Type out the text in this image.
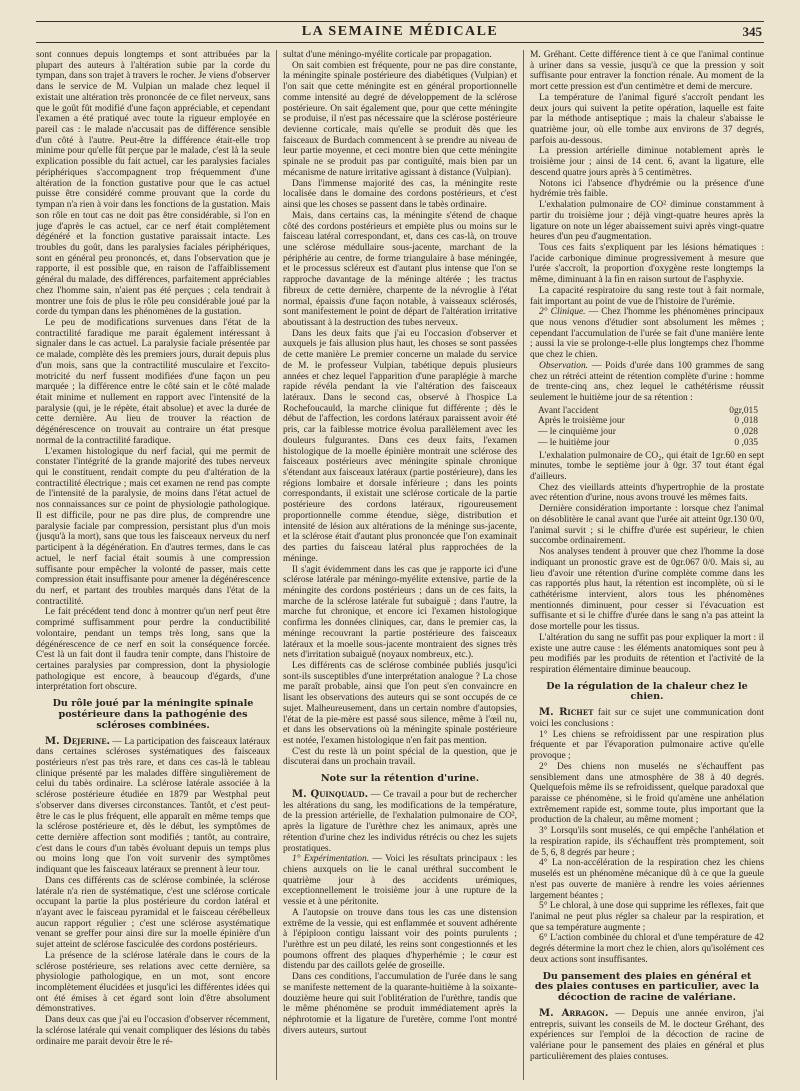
LA SEMAINE MÉDICALE	345

sont connues depuis longtemps et sont attribuées par la plupart des auteurs à l'altération subie par la corde du tympan, dans son trajet à travers le rocher. Je viens d'observer dans le service de M. Vulpian un malade chez lequel il existait une altération très prononcée de ce filet nerveux, sans que le goût fût modifié d'une façon appréciable, et cependant l'examen a été pratiqué avec toute la rigueur employée en pareil cas : le malade n'accusait pas de différence sensible d'un côté à l'autre. Peut-être la différence était-elle trop minime pour qu'elle fût perçue par le malade, c'est là la seule explication possible du fait actuel, car les paralysies faciales périphériques s'accompagnent trop fréquemment d'une altération de la fonction gustative pour que le cas actuel puisse être considéré comme prouvant que la corde du tympan n'a rien à voir dans les fonctions de la gustation. Mais son rôle en tout cas ne doit pas être considérable, si l'on en juge d'après le cas actuel, car ce nerf était complètement dégénéré et la fonction gustative paraissait intacte. Les troubles du goût, dans les paralysies faciales périphériques, sont en général peu prononcés, et, dans l'observation que je rapporte, il est possible que, en raison de l'affaiblissement général du malade, des différences, parfaitement appréciables chez l'homme sain, n'aient pas été perçues ; cela tendrait à montrer une fois de plus le rôle peu considérable joué par la corde du tympan dans les phénomènes de la gustation.

Le peu de modifications survenues dans l'état de la contractilité faradique me parait également intéressant à signaler dans le cas actuel. La paralysie faciale présentée par ce malade, complète dès les premiers jours, durait depuis plus d'un mois, sans que la contractilité musculaire et l'excito-motricité du nerf fussent modifiées d'une façon un peu marquée ; la différence entre le côté sain et le côté malade était minime et nullement en rapport avec l'intensité de la paralysie (qui, je le répète, était absolue) et avec la durée de cette dernière. Au lieu de trouver la réaction de dégénérescence on trouvait au contraire un état presque normal de la contractilité faradique.

L'examen histologique du nerf facial, qui me permit de constater l'intégrité de la grande majorité des tubes nerveux qui le constituent, rendait compte du peu d'altération de la contractilité électrique ; mais cet examen ne rend pas compte de l'intensité de la paralysie, de moins dans l'état actuel de nos connaissances sur ce point de physiologie pathologique. Il est difficile, pour ne pas dire plus, de comprendre une paralysie faciale par compression, persistant plus d'un mois (jusqu'à la mort), sans que tous les faisceaux nerveux du nerf participent à la dégénération. En d'autres termes, dans le cas actuel, le nerf facial était soumis à une compression suffisante pour empêcher la volonté de passer, mais cette compression était insuffisante pour amener la dégénérescence du nerf, et partant des troubles marqués dans l'état de la contractilité.

Le fait précédent tend donc à montrer qu'un nerf peut être comprimé suffisamment pour perdre la conductibilité volontaire, pendant un temps très long, sans que la dégénérescence de ce nerf en soit la conséquence forcée. C'est là un fait dont il faudra tenir compte, dans l'histoire de certaines paralysies par compression, dont la physiologie pathologique est encore, à beaucoup d'égards, d'une interprétation fort obscure.

Du rôle joué par la méningite spinale postérieure dans la pathogénie des scléroses combinées.

M. Dejerine. — La participation des faisceaux latéraux dans certaines scléroses systématiques des faisceaux postérieurs n'est pas très rare, et dans ces cas-là le tableau clinique présenté par les malades diffère singulièrement de celui du tabès ordinaire. La sclérose latérale associée à la sclérose postérieure étudiée en 1879 par Westphal peut s'observer dans diverses circonstances. Tantôt, et c'est peut-être le cas le plus fréquent, elle apparaît en même temps que la sclérose postérieure et, dès le début, les symptômes de cette dernière affection sont modifiés ; tantôt, au contraire, c'est dans le cours d'un tabès évoluant depuis un temps plus ou moins long que l'on voit survenir des symptômes indiquant que les faisceaux latéraux se prennent à leur tour.

Dans ces différents cas de sclérose combinée, la sclérose latérale n'a rien de systématique, c'est une sclérose corticale occupant la partie la plus postérieure du cordon latéral et n'ayant avec le faisceau pyramidal et le faisceau cérébelleux aucun rapport régulier ; c'est une sclérose asystématique venant se greffer pour ainsi dire sur la moelle épinière d'un sujet atteint de sclérose fasciculée des cordons postérieurs.

La présence de la sclérose latérale dans le cours de la sclérose postérieure, ses relations avec cette dernière, sa physiologie pathologique, en un mot, sont encore incomplètement élucidées et jusqu'ici les différentes idées qui ont été émises à cet égard sont loin d'être absolument démonstratives.

Dans deux cas que j'ai eu l'occasion d'observer récemment, la sclérose latérale qui venait compliquer des lésions du tabès ordinaire me parait devoir être le ré-

sultat d'une méningo-myélite corticale par propagation.

On sait combien est fréquente, pour ne pas dire constante, la méningite spinale postérieure des diabétiques (Vulpian) et l'on sait que cette méningite est en général proportionnelle comme intensité au degré de développement de la sclérose postérieure. On sait également que, pour que cette méningite se produise, il n'est pas nécessaire que la sclérose postérieure devienne corticale, mais qu'elle se produit dès que les faisceaux de Burdach commencent à se prendre au niveau de leur partie moyenne, et ceci montre bien que cette méningite spinale ne se produit pas par contiguïté, mais bien par un mécanisme de nature irritative agissant à distance (Vulpian).

Dans l'immense majorité des cas, la méningite reste localisée dans le domaine des cordons postérieurs, et c'est ainsi que les choses se passent dans le tabès ordinaire.

Mais, dans certains cas, la méningite s'étend de chaque côté des cordons postérieurs et empiète plus ou moins sur le faisceau latéral correspondant, et, dans ces cas-là, on trouve une sclérose médullaire sous-jacente, marchant de la périphérie au centre, de forme triangulaire à base méningée, et le processus scléreux est d'autant plus intense que l'on se rapproche davantage de la méninge altérée ; les tractus fibreux de cette dernière, charpente de la névroglie à l'état normal, épaissis d'une façon notable, à vaisseaux sclérosés, sont manifestement le point de départ de l'altération irritative aboutissant à la destruction des tubes nerveux.

Dans les deux faits que j'ai eu l'occasion d'observer et auxquels je fais allusion plus haut, les choses se sont passées de cette manière Le premier concerne un malade du service de M. le professeur Vulpian, tabétique depuis plusieurs années et chez lequel l'apparition d'une paraplégie à marche rapide révéla pendant la vie l'altération des faisceaux latéraux. Dans le second cas, observé à l'hospice La Rochefoucauld, la marche clinique fut différente ; dès le début de l'affection, les cordons latéraux paraissent avoir été pris, car la faiblesse motrice évolua parallèlement avec les douleurs fulgurantes. Dans ces deux faits, l'examen histologique de la moelle épinière montrait une sclérose des faisceaux postérieurs avec méningite spinale chronique s'étendant aux faisceaux latéraux (partie postérieure), dans les régions lombaire et dorsale inférieure ; dans les points correspondants, il existait une sclérose corticale de la partie postérieure des cordons latéraux, rigoureusement proportionnelle comme étendue, siège, distribution et intensité de lésion aux altérations de la méninge sus-jacente, et la sclérose était d'autant plus prononcée que l'on examinait des parties du faisceau latéral plus rapprochées de la méninge.

Il s'agit évidemment dans les cas que je rapporte ici d'une sclérose latérale par méningo-myélite extensive, partie de la méningite des cordons postérieurs ; dans un de ces faits, la marche de la sclérose latérale fut subaiguë ; dans l'autre, la marche fut chronique, et encore ici l'examen histologique confirma les données cliniques, car, dans le premier cas, la méninge recouvrant la partie postérieure des faisceaux latéraux et la moelle sous-jacente montraient des signes très nets d'irritation subaiguë (noyaux nombreux, etc.).

Les différents cas de sclérose combinée publiés jusqu'ici sont-ils susceptibles d'une interprétation analogue ? La chose me paraît probable, ainsi que l'on peut s'en convaincre en lisant les observations des auteurs qui se sont occupés de ce sujet. Malheureusement, dans un certain nombre d'autopsies, l'état de la pie-mère est passé sous silence, même à l'œil nu, et dans les observations où la méningite spinale postérieure est notée, l'examen histologique n'en fait pas mention.

C'est du reste là un point spécial de la question, que je discuterai dans un prochain travail.

Note sur la rétention d'urine.

M. Quinquaud. — Ce travail a pour but de rechercher les altérations du sang, les modifications de la température, de la pression artérielle, de l'exhalation pulmonaire de CO², après la ligature de l'urèthre chez les animaux, après une rétention d'urine chez les individus rétrécis ou chez les sujets prostatiques.

1° Expérimentation. — Voici les résultats principaux : les chiens auxquels on lie le canal uréthral succombent le quatrième jour à des accidents urémiques, exceptionnellement le troisième jour à une rupture de la vessie et à une péritonite.

A l'autopsie on trouve dans tous les cas une distension extrême de la vessie, qui est enflammée et souvent adhérente à l'épiploon contigu laissant voir des points purulents ; l'urèthre est un peu dilaté, les reins sont congestionnés et les poumons offrent des plaques d'hyperhémie ; le cœur est distendu par des caillots gelée de groseille.

Dans ces conditions, l'accumulation de l'urée dans le sang se manifeste nettement de la quarante-huitième à la soixante-douzième heure qui suit l'oblitération de l'urèthre, tandis que le même phénomène se produit immédiatement après la néphrotomie et la ligature de l'uretère, comme l'ont montré divers auteurs, surtout

M. Gréhant. Cette différence tient à ce que l'animal continue à uriner dans sa vessie, jusqu'à ce que la pression y soit suffisante pour entraver la fonction rénale. Au moment de la mort cette pression est d'un centimètre et demi de mercure.

La température de l'animal figuré s'accroît pendant les deux jours qui suivent la petite opération, laquelle est faite par la méthode antiseptique ; mais la chaleur s'abaisse le quatrième jour, où elle tombe aux environs de 37 degrés, parfois au-dessous.

La pression artérielle diminue notablement après le troisième jour ; ainsi de 14 cent. 6, avant la ligature, elle descend quatre jours après à 5 centimètres.

Notons ici l'absence d'hydrémie ou la présence d'une hydrémie très faible.

L'exhalation pulmonaire de CO² diminue constamment à partir du troisième jour ; déjà vingt-quatre heures après la ligature on note un léger abaissement suivi après vingt-quatre heures d'un peu d'augmentation.

Tous ces faits s'expliquent par les lésions hématiques : l'acide carbonique diminue progressivement à mesure que l'urée s'accroît, la proportion d'oxygène reste longtemps la même, diminuant à la fin en raison surtout de l'asphyxie.

La capacité respiratoire du sang reste tout à fait normale, fait important au point de vue de l'histoire de l'urémie.

2° Clinique. — Chez l'homme les phénomènes principaux que nous venons d'étudier sont absolument les mêmes ; cependant l'accumulation de l'urée se fait d'une manière lente ; aussi la vie se prolonge-t-elle plus longtemps chez l'homme que chez le chien.

Observation. — Poids d'urée dans 100 grammes de sang chez un rétréci atteint de rétention complète d'urine : homme de trente-cinq ans, chez lequel le cathétérisme réussit seulement le huitième jour de sa rétention :

Avant l'accident	0gr,015
Après le troisième jour	0 ,018
— le cinquième jour	0 ,028
— le huitième jour	0 ,035

L'exhalation pulmonaire de CO₂, qui était de 1gr.60 en sept minutes, tombe le septième jour à 0gr. 37 tout étant égal d'ailleurs.

Chez des vieillards atteints d'hypertrophie de la prostate avec rétention d'urine, nous avons trouvé les mêmes faits.

Dernière considération importante : lorsque chez l'animal on désoblitère le canal avant que l'urée ait atteint 0gr.130 0/0, l'animal survit ; si le chiffre d'urée est supérieur, le chien succombe ordinairement.

Nos analyses tendent à prouver que chez l'homme la dose indiquant un pronostic grave est de 0gr.067 0/0. Mais si, au lieu d'avoir une rétention d'urine complète comme dans les cas rapportés plus haut, la rétention est incomplète, où si le cathétérisme intervient, alors tous les phénomènes mentionnés diminuent, pour cesser si l'évacuation est suffisante et si le chiffre d'urée dans le sang n'a pas atteint la dose mortelle pour les tissus.

L'altération du sang ne suffit pas pour expliquer la mort : il existe une autre cause : les éléments anatomiques sont peu à peu modifiés par les produits de rétention et l'activité de la respiration élémentaire diminue beaucoup.

De la régulation de la chaleur chez le chien.

M. Richet fait sur ce sujet une communication dont voici les conclusions :

1° Les chiens se refroidissent par une respiration plus fréquente et par l'évaporation pulmonaire active qu'elle provoque ;

2° Des chiens non muselés ne s'échauffent pas sensiblement dans une atmosphère de 38 à 40 degrés. Quelquefois même ils se refroidissent, quelque paradoxal que paraisse ce phénomène, si le froid qu'amène une anhélation extrêmement rapide est, somme toute, plus important que la production de la chaleur, au même moment ;

3° Lorsqu'ils sont muselés, ce qui empêche l'anhélation et la respiration rapide, ils s'échauffent très promptement, soit de 5, 6, 8 degrés par heure ;

4° La non-accélération de la respiration chez les chiens muselés est un phénomène mécanique dû à ce que la gueule n'est pas ouverte de manière à rendre les voies aériennes largement béantes ;

5° Le chloral, à une dose qui supprime les réflexes, fait que l'animal ne peut plus régler sa chaleur par la respiration, et que sa température augmente ;

6° L'action combinée du chloral et d'une température de 42 degrés détermine la mort chez le chien, alors qu'isolément ces deux actions sont insuffisantes.

Du pansement des plaies en général et des plaies contuses en particulier, avec la décoction de racine de valériane.

M. Arragon. — Depuis une année environ, j'ai entrepris, suivant les conseils de M. le docteur Gréhant, des expériences sur l'emploi de la décoction de racine de valériane pour le pansement des plaies en général et plus particulièrement des plaies contuses.
